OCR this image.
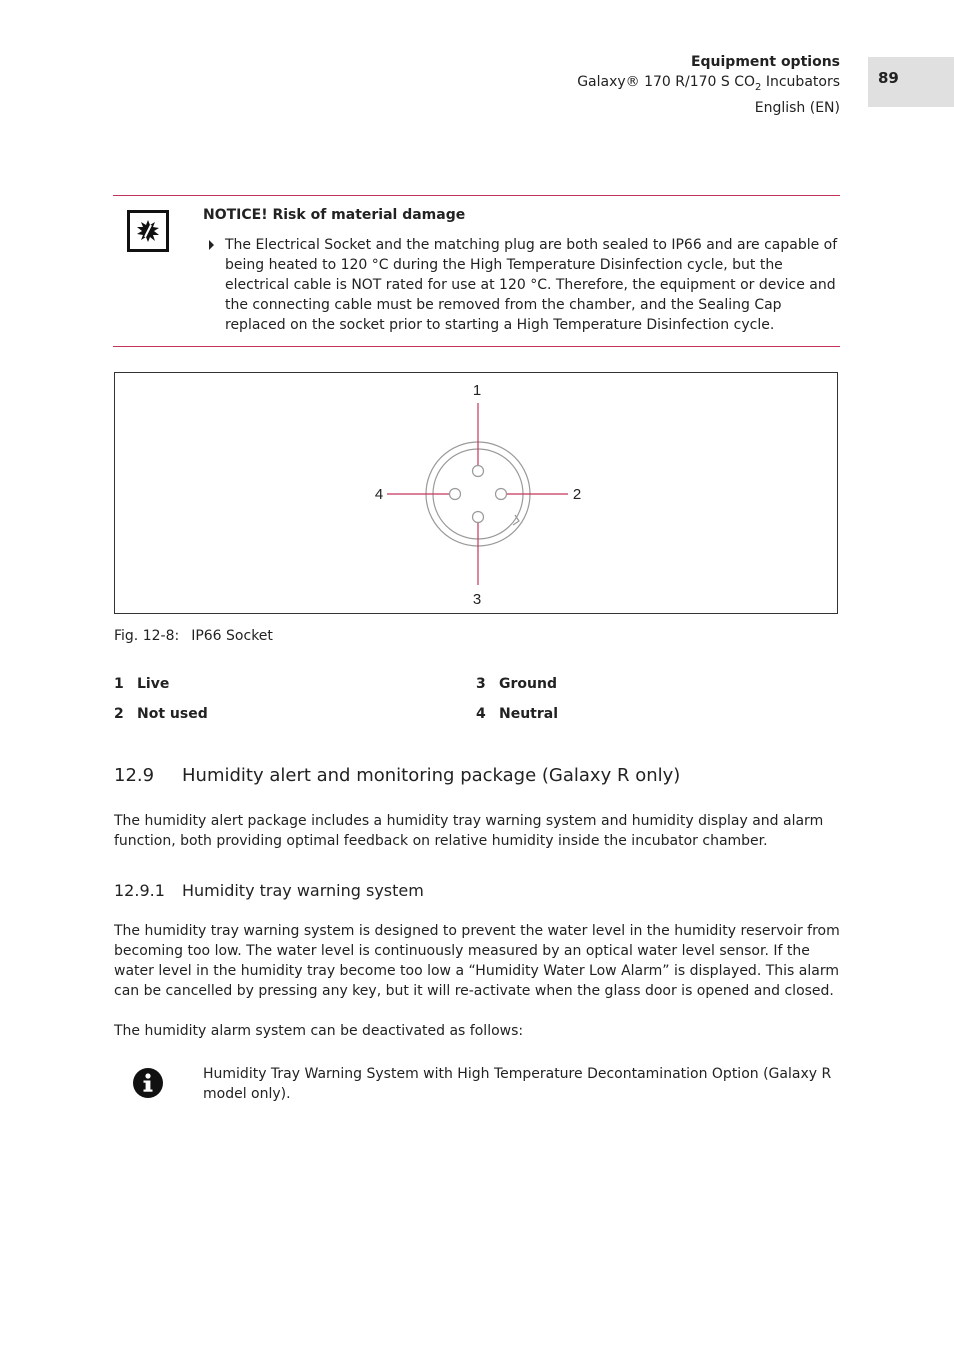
Equipment options
Galaxy® 170 R/170 S $CO_2$ Incubators
English (EN)
89
NOTICE! Risk of material damage
The Electrical Socket and the matching plug are both sealed to IP66 and are capable of being heated to 120 °C during the High Temperature Disinfection cycle, but the electrical cable is NOT rated for use at 120 °C. Therefore, the equipment or device and the connecting cable must be removed from the chamber, and the Sealing Cap replaced on the socket prior to starting a High Temperature Disinfection cycle.
1
2
3
4
Fig. 12-8: IP66 Socket
1 Live
2 Not used
3 Ground
4 Neutral
12.9 Humidity alert and monitoring package (Galaxy R only)
The humidity alert package includes a humidity tray warning system and humidity display and alarm function, both providing optimal feedback on relative humidity inside the incubator chamber.
12.9.1 Humidity tray warning system
The humidity tray warning system is designed to prevent the water level in the humidity reservoir from becoming too low. The water level is continuously measured by an optical water level sensor. If the water level in the humidity tray become too low a “Humidity Water Low Alarm” is displayed. This alarm can be cancelled by pressing any key, but it will re-activate when the glass door is opened and closed.
The humidity alarm system can be deactivated as follows:
Humidity Tray Warning System with High Temperature Decontamination Option (Galaxy R model only).
